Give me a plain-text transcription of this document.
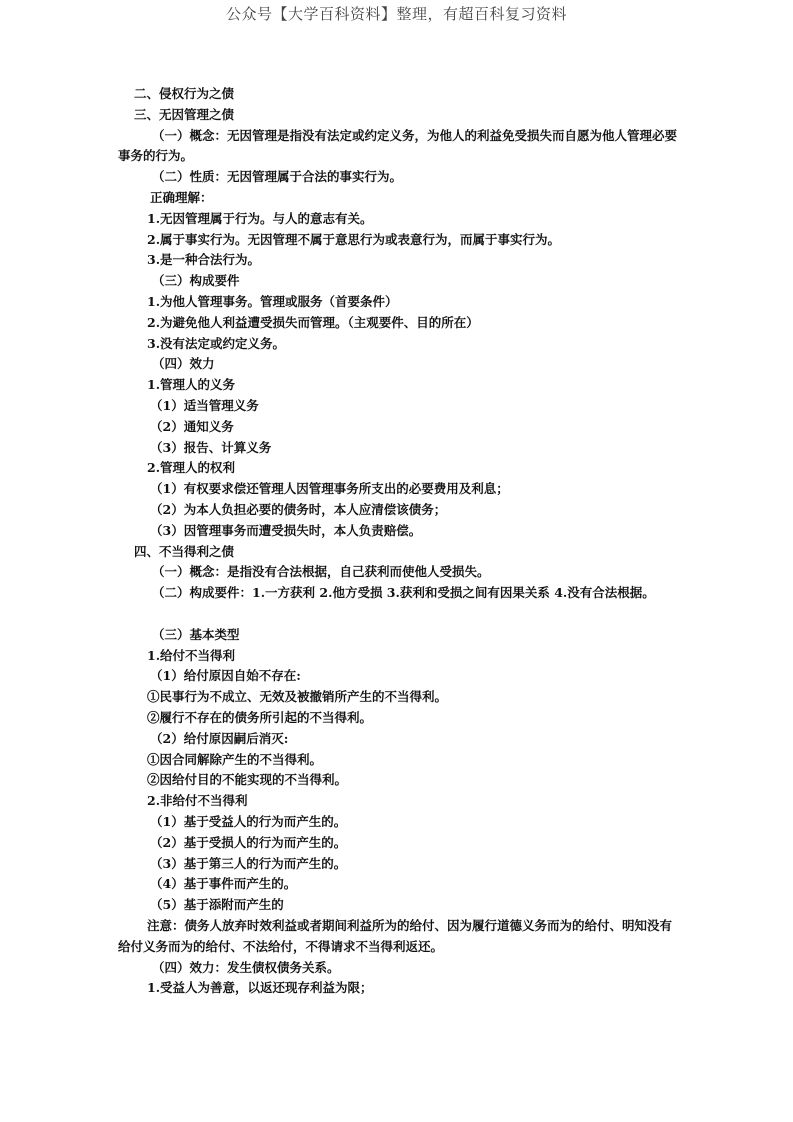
公众号【大学百科资料】整理，有超百科复习资料
二、侵权行为之债
三、无因管理之债
（一）概念：无因管理是指没有法定或约定义务，为他人的利益免受损失而自愿为他人管理必要事务的行为。
（二）性质：无因管理属于合法的事实行为。
正确理解：
1.无因管理属于行为。与人的意志有关。
2.属于事实行为。无因管理不属于意思行为或表意行为，而属于事实行为。
3.是一种合法行为。
（三）构成要件
1.为他人管理事务。管理或服务（首要条件）
2.为避免他人利益遭受损失而管理。（主观要件、目的所在）
3.没有法定或约定义务。
（四）效力
1.管理人的义务
（1）适当管理义务
（2）通知义务
（3）报告、计算义务
2.管理人的权利
（1）有权要求偿还管理人因管理事务所支出的必要费用及利息；
（2）为本人负担必要的债务时，本人应清偿该债务；
（3）因管理事务而遭受损失时，本人负责赔偿。
四、不当得利之债
（一）概念：是指没有合法根据，自己获利而使他人受损失。
（二）构成要件：1.一方获利 2.他方受损 3.获利和受损之间有因果关系 4.没有合法根据。
（三）基本类型
1.给付不当得利
（1）给付原因自始不存在:
①民事行为不成立、无效及被撤销所产生的不当得利。
②履行不存在的债务所引起的不当得利。
（2）给付原因嗣后消灭:
①因合同解除产生的不当得利。
②因给付目的不能实现的不当得利。
2.非给付不当得利
（1）基于受益人的行为而产生的。
（2）基于受损人的行为而产生的。
（3）基于第三人的行为而产生的。
（4）基于事件而产生的。
（5）基于添附而产生的
注意：债务人放弃时效利益或者期间利益所为的给付、因为履行道德义务而为的给付、明知没有给付义务而为的给付、不法给付，不得请求不当得利返还。
（四）效力：发生债权债务关系。
1.受益人为善意，以返还现存利益为限；
